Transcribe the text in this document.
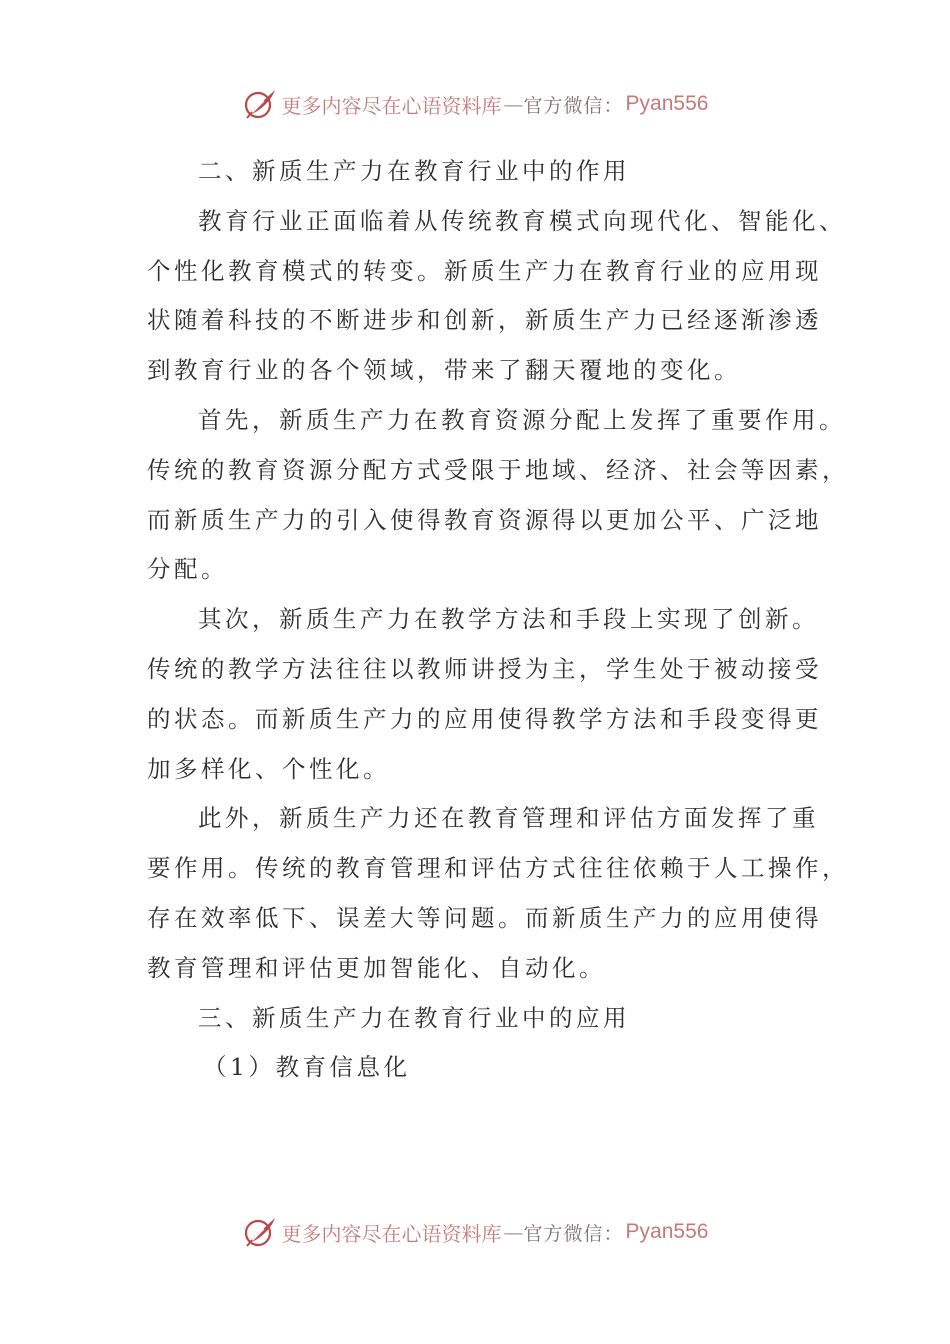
更多内容尽在心语资料库 — 官方微信： Pyan556
二、新质生产力在教育行业中的作用
教育行业正面临着从传统教育模式向现代化、智能化、
个性化教育模式的转变。新质生产力在教育行业的应用现
状随着科技的不断进步和创新，新质生产力已经逐渐渗透
到教育行业的各个领域，带来了翻天覆地的变化。
首先，新质生产力在教育资源分配上发挥了重要作用。
传统的教育资源分配方式受限于地域、经济、社会等因素，
而新质生产力的引入使得教育资源得以更加公平、广泛地
分配。
其次，新质生产力在教学方法和手段上实现了创新。
传统的教学方法往往以教师讲授为主，学生处于被动接受
的状态。而新质生产力的应用使得教学方法和手段变得更
加多样化、个性化。
此外，新质生产力还在教育管理和评估方面发挥了重
要作用。传统的教育管理和评估方式往往依赖于人工操作，
存在效率低下、误差大等问题。而新质生产力的应用使得
教育管理和评估更加智能化、自动化。
三、新质生产力在教育行业中的应用
（1）教育信息化
更多内容尽在心语资料库 — 官方微信： Pyan556
